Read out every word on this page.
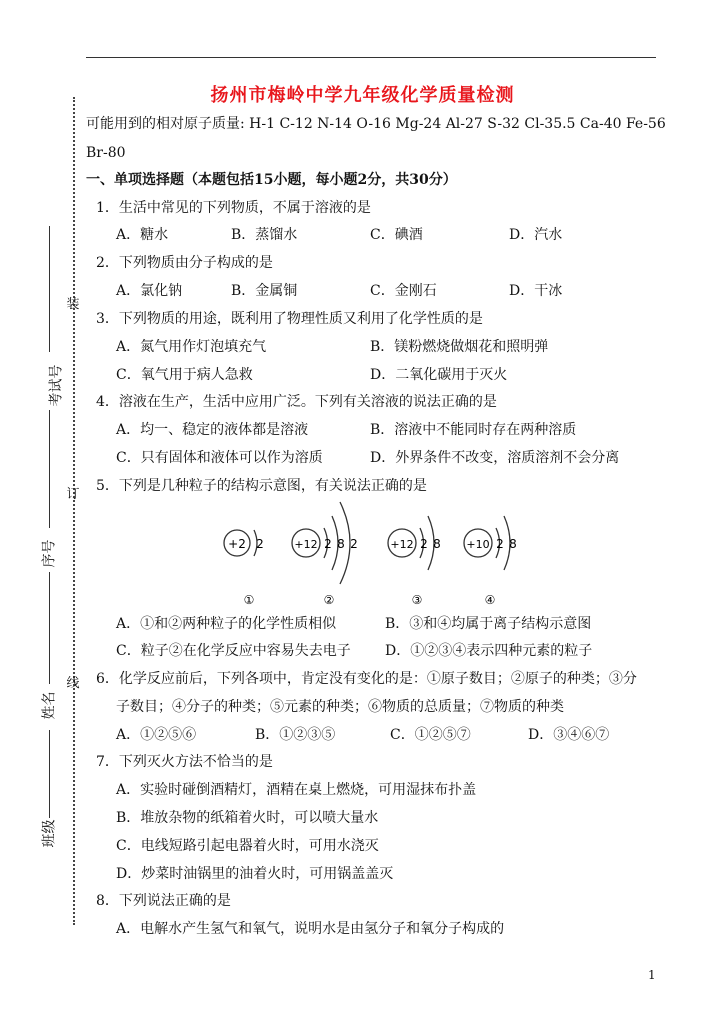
装
订
线
考试号
序号
姓名
班级
扬州市梅岭中学九年级化学质量检测
可能用到的相对原子质量: H-1 C-12 N-14 O-16 Mg-24 Al-27 S-32 Cl-35.5 Ca-40 Fe-56
Br-80
一、单项选择题（本题包括15小题，每小题2分，共30分）
1．生活中常见的下列物质，不属于溶液的是
A．糖水	B．蒸馏水	C．碘酒	D．汽水
2．下列物质由分子构成的是
A．氯化钠	B．金属铜	C．金刚石	D．干冰
3．下列物质的用途，既利用了物理性质又利用了化学性质的是
A．氮气用作灯泡填充气	B．镁粉燃烧做烟花和照明弹
C．氧气用于病人急救	D．二氧化碳用于灭火
4．溶液在生产，生活中应用广泛。下列有关溶液的说法正确的是
A．均一、稳定的液体都是溶液	B．溶液中不能同时存在两种溶质
C．只有固体和液体可以作为溶质	D．外界条件不改变，溶质溶剂不会分离
5．下列是几种粒子的结构示意图，有关说法正确的是
+2 2
①
+12 2 8 2
②
+12 2 8
③
+10 2 8
④
A．①和②两种粒子的化学性质相似	B．③和④均属于离子结构示意图
C．粒子②在化学反应中容易失去电子 D．①②③④表示四种元素的粒子
6．化学反应前后，下列各项中，肯定没有变化的是：①原子数目；②原子的种类；③分
子数目；④分子的种类；⑤元素的种类；⑥物质的总质量；⑦物质的种类
A．①②⑤⑥	B．①②③⑤	C．①②⑤⑦	D．③④⑥⑦
7．下列灭火方法不恰当的是
A．实验时碰倒酒精灯，酒精在桌上燃烧，可用湿抹布扑盖
B．堆放杂物的纸箱着火时，可以喷大量水
C．电线短路引起电器着火时，可用水浇灭
D．炒菜时油锅里的油着火时，可用锅盖盖灭
8．下列说法正确的是
A．电解水产生氢气和氧气，说明水是由氢分子和氧分子构成的
1
